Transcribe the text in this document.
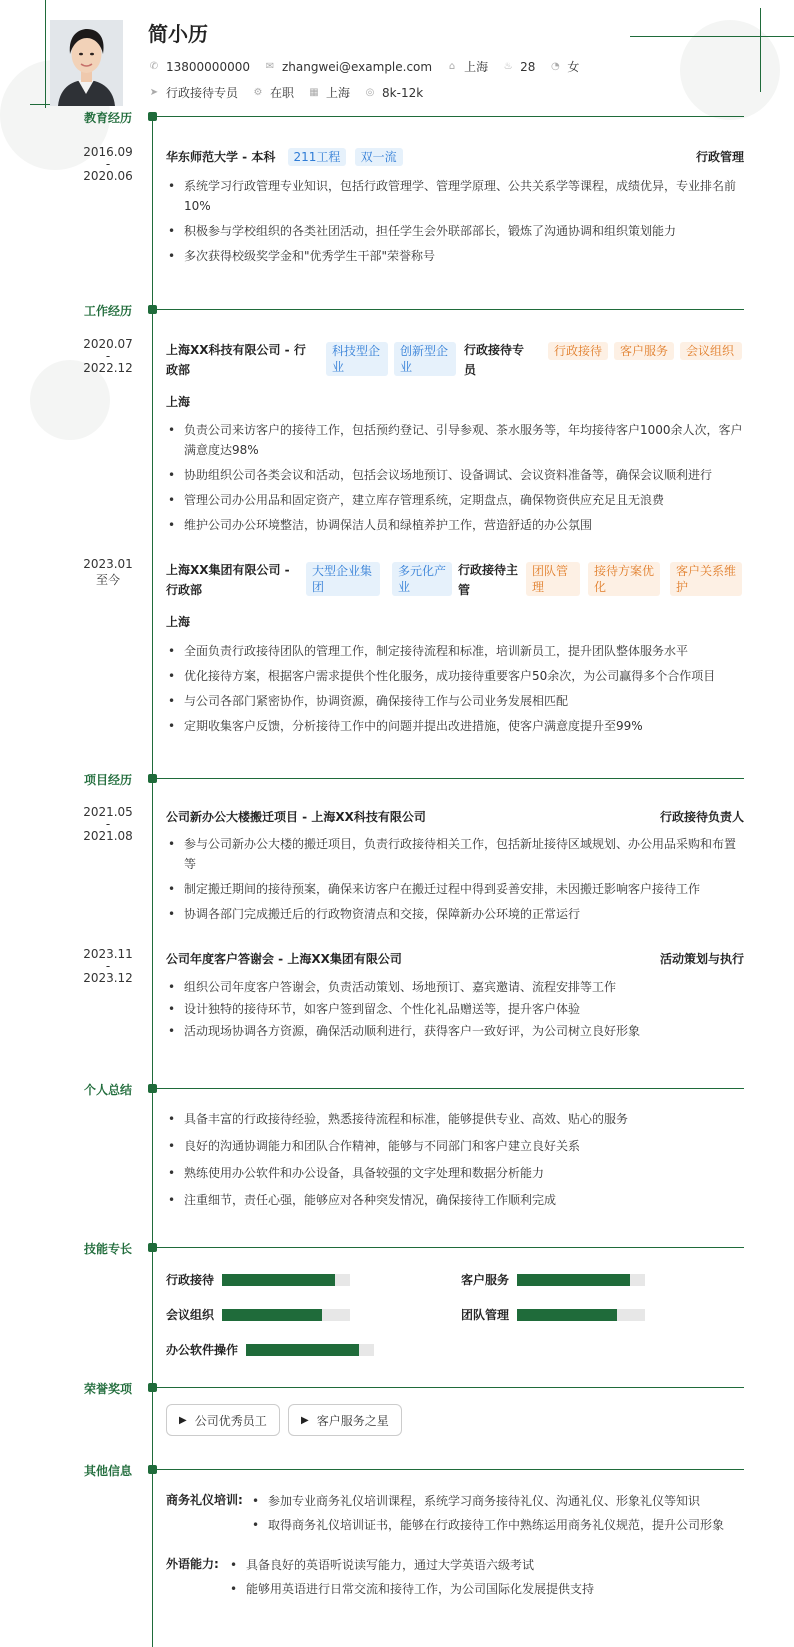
简小历
✆ 13800000000 ✉ zhangwei@example.com ⌂ 上海 ♨ 28 ◔ 女
➤ 行政接待专员 ⚙ 在职 ▦ 上海 ◎ 8k-12k
教育经历
2016.09
-
2020.06
华东师范大学 - 本科 211工程 双一流	行政管理
• 系统学习行政管理专业知识，包括行政管理学、管理学原理、公共关系学等课程，成绩优异，专业排名前10%
• 积极参与学校组织的各类社团活动，担任学生会外联部部长，锻炼了沟通协调和组织策划能力
• 多次获得校级奖学金和"优秀学生干部"荣誉称号
工作经历
2020.07
-
2022.12
上海XX科技有限公司 - 行政部
科技型企业
创新型企业
行政接待专员
行政接待	客户服务	会议组织
上海
• 负责公司来访客户的接待工作，包括预约登记、引导参观、茶水服务等，年均接待客户1000余人次，客户满意度达98%
• 协助组织公司各类会议和活动，包括会议场地预订、设备调试、会议资料准备等，确保会议顺利进行
• 管理公司办公用品和固定资产，建立库存管理系统，定期盘点，确保物资供应充足且无浪费
• 维护公司办公环境整洁，协调保洁人员和绿植养护工作，营造舒适的办公氛围
2023.01
至今
上海XX集团有限公司 - 行政部
大型企业集团
多元化产业
行政接待主管
团队管理
接待方案优化
客户关系维护
上海
• 全面负责行政接待团队的管理工作，制定接待流程和标准，培训新员工，提升团队整体服务水平
• 优化接待方案，根据客户需求提供个性化服务，成功接待重要客户50余次，为公司赢得多个合作项目
• 与公司各部门紧密协作，协调资源，确保接待工作与公司业务发展相匹配
• 定期收集客户反馈，分析接待工作中的问题并提出改进措施，使客户满意度提升至99%
项目经历
2021.05
-
2021.08
公司新办公大楼搬迁项目 - 上海XX科技有限公司	行政接待负责人
• 参与公司新办公大楼的搬迁项目，负责行政接待相关工作，包括新址接待区域规划、办公用品采购和布置等
• 制定搬迁期间的接待预案，确保来访客户在搬迁过程中得到妥善安排，未因搬迁影响客户接待工作
• 协调各部门完成搬迁后的行政物资清点和交接，保障新办公环境的正常运行
2023.11
-
2023.12
公司年度客户答谢会 - 上海XX集团有限公司	活动策划与执行
• 组织公司年度客户答谢会，负责活动策划、场地预订、嘉宾邀请、流程安排等工作
• 设计独特的接待环节，如客户签到留念、个性化礼品赠送等，提升客户体验
• 活动现场协调各方资源，确保活动顺利进行，获得客户一致好评，为公司树立良好形象
个人总结
• 具备丰富的行政接待经验，熟悉接待流程和标准，能够提供专业、高效、贴心的服务
• 良好的沟通协调能力和团队合作精神，能够与不同部门和客户建立良好关系
• 熟练使用办公软件和办公设备，具备较强的文字处理和数据分析能力
• 注重细节，责任心强，能够应对各种突发情况，确保接待工作顺利完成
技能专长
行政接待	客户服务
会议组织	团队管理
办公软件操作
荣誉奖项
▶ 公司优秀员工	▶ 客户服务之星
其他信息
商务礼仪培训:	• 参加专业商务礼仪培训课程，系统学习商务接待礼仪、沟通礼仪、形象礼仪等知识
• 取得商务礼仪培训证书，能够在行政接待工作中熟练运用商务礼仪规范，提升公司形象
外语能力:	• 具备良好的英语听说读写能力，通过大学英语六级考试
• 能够用英语进行日常交流和接待工作，为公司国际化发展提供支持
